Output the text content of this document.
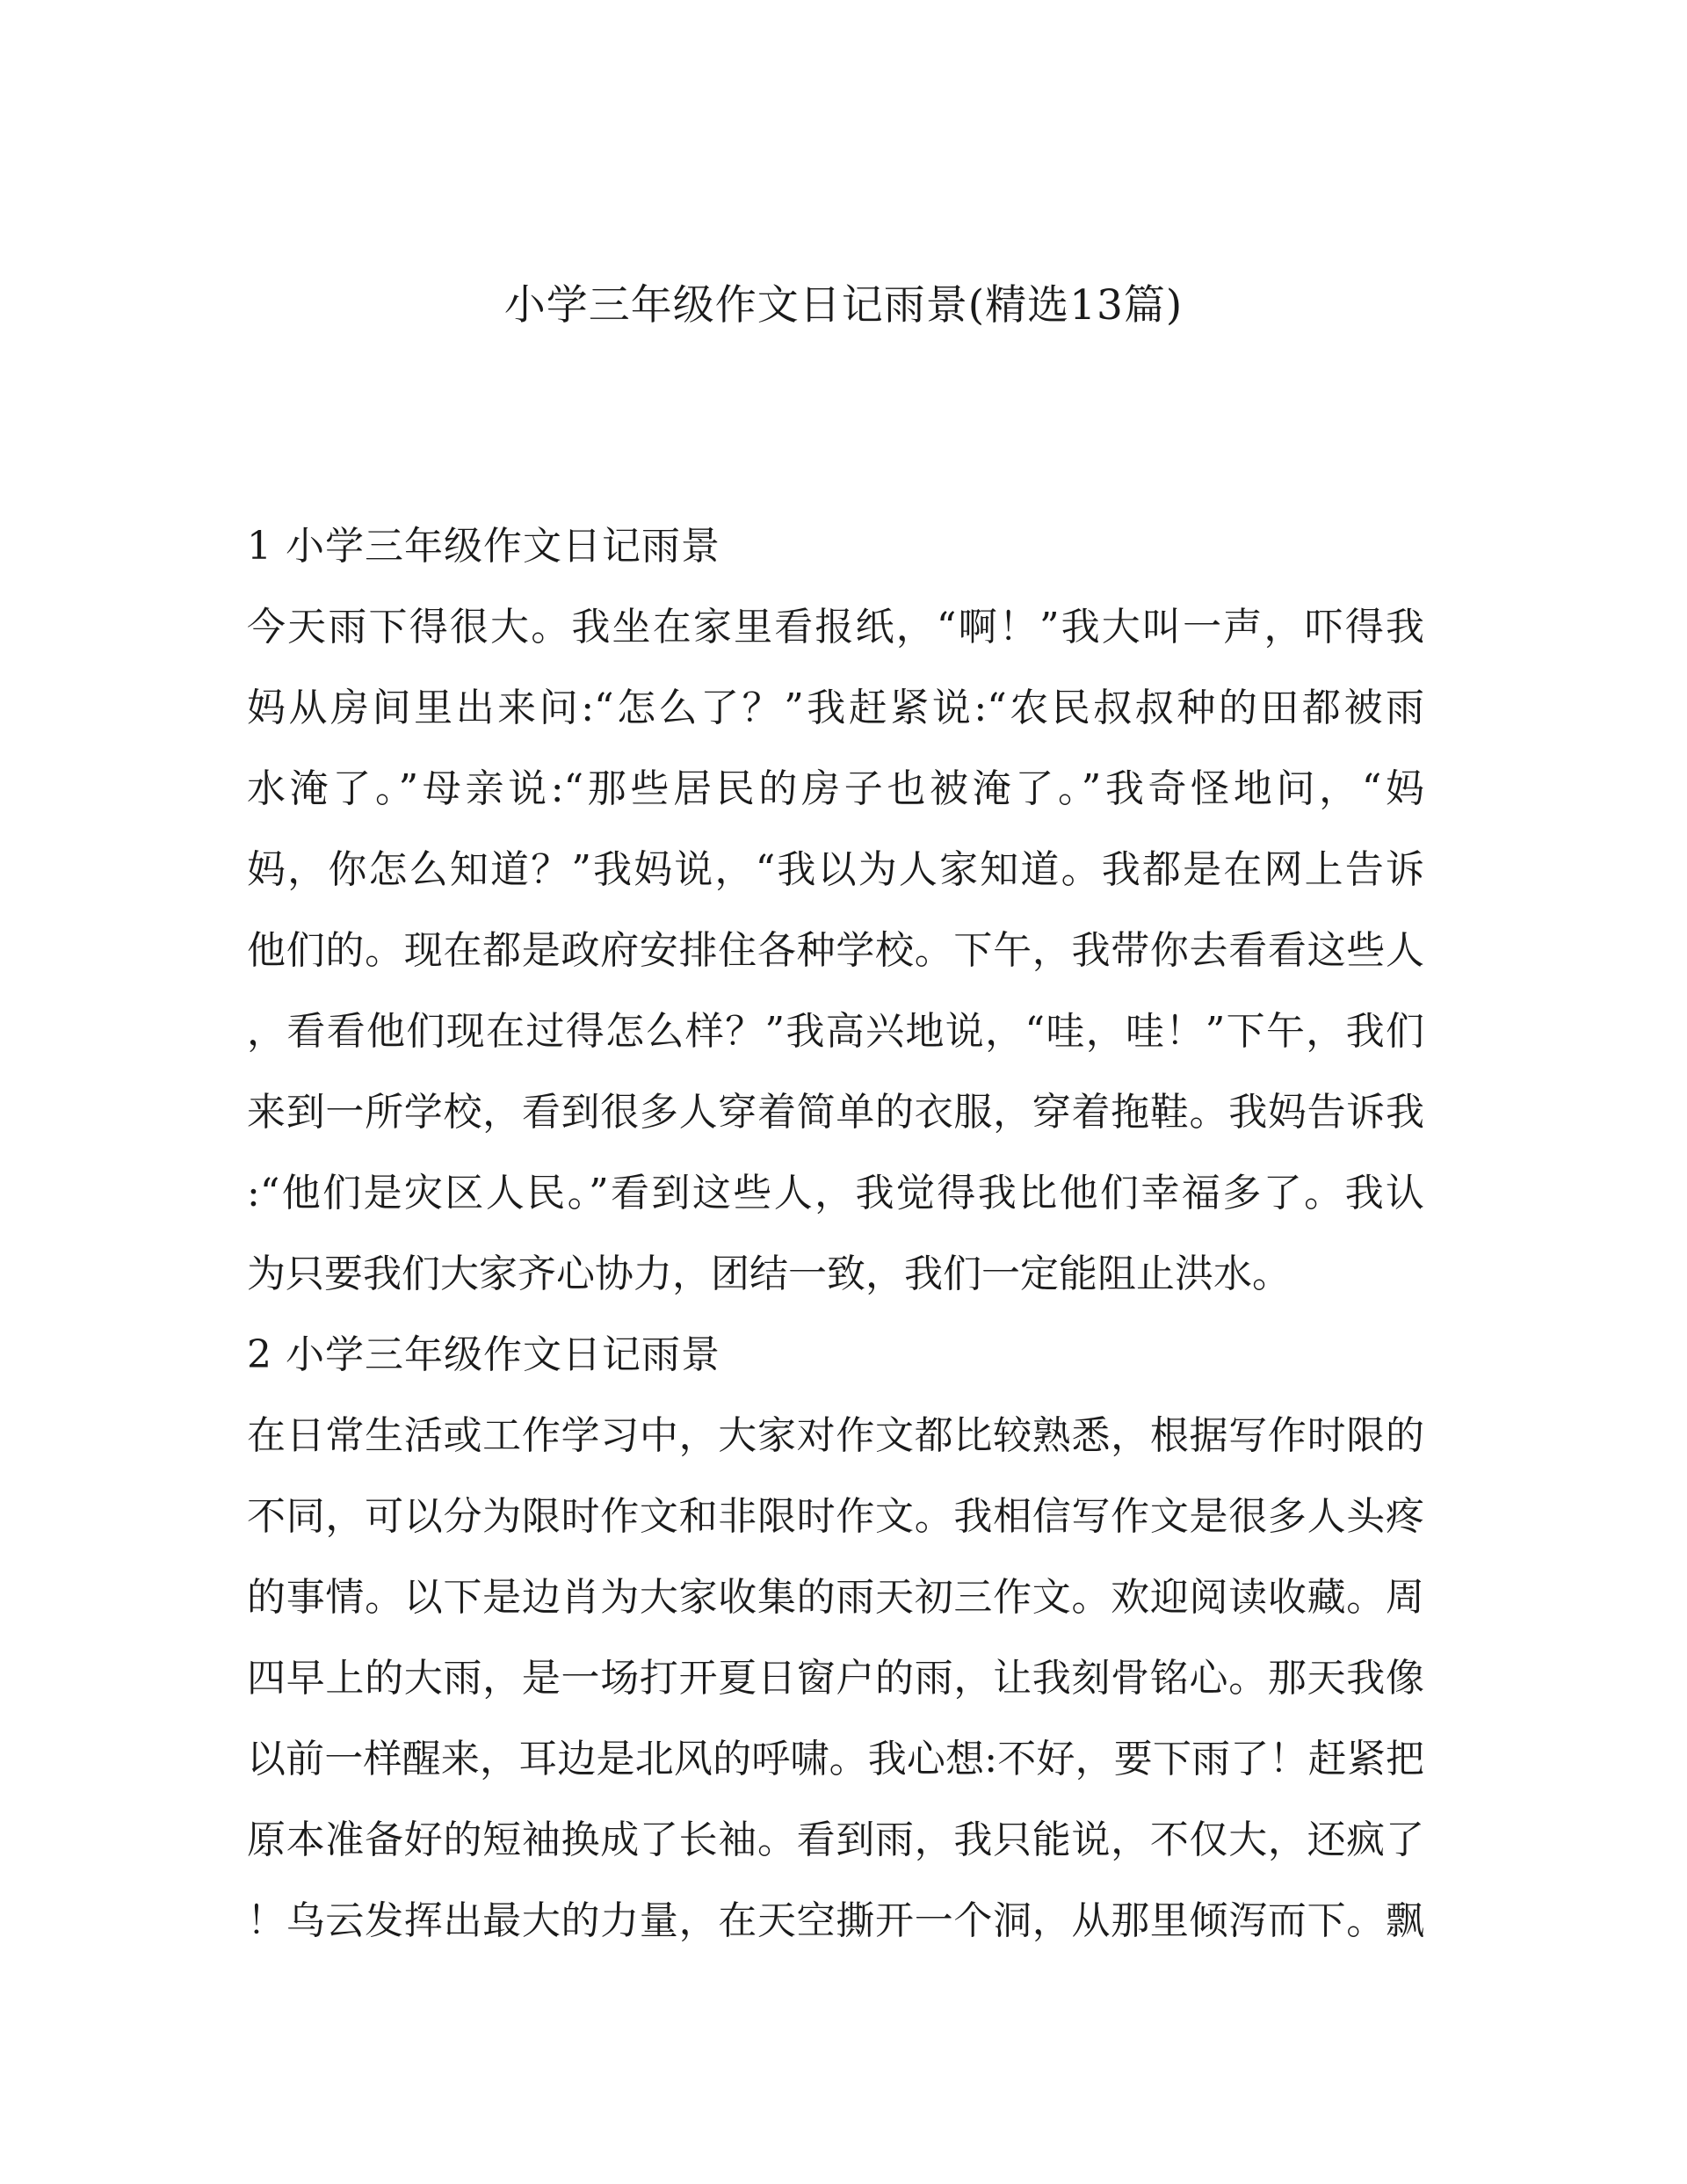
小学三年级作文日记雨景(精选13篇)
1 小学三年级作文日记雨景
今天雨下得很大。我坐在家里看报纸，“啊！”我大叫一声，吓得我
妈从房间里出来问:“怎么了？”我赶紧说:“农民叔叔种的田都被雨
水淹了。”母亲说:“那些居民的房子也被淹了。”我奇怪地问，“妈
妈，你怎么知道？”我妈说，“我以为人家知道。我都是在网上告诉
他们的。现在都是政府安排住各种学校。下午，我带你去看看这些人
，看看他们现在过得怎么样？”我高兴地说，“哇，哇！”下午，我们
来到一所学校，看到很多人穿着简单的衣服，穿着拖鞋。我妈告诉我
:“他们是灾区人民。”看到这些人，我觉得我比他们幸福多了。我认
为只要我们大家齐心协力，团结一致，我们一定能阻止洪水。
2 小学三年级作文日记雨景
在日常生活或工作学习中，大家对作文都比较熟悉，根据写作时限的
不同，可以分为限时作文和非限时作文。我相信写作文是很多人头疼
的事情。以下是边肖为大家收集的雨天初三作文。欢迎阅读收藏。周
四早上的大雨，是一场打开夏日窗户的雨，让我刻骨铭心。那天我像
以前一样醒来，耳边是北风的呼啸。我心想:不好，要下雨了！赶紧把
原本准备好的短袖换成了长袖。看到雨，我只能说，不仅大，还疯了
！乌云发挥出最大的力量，在天空撕开一个洞，从那里倾泻而下。飘
